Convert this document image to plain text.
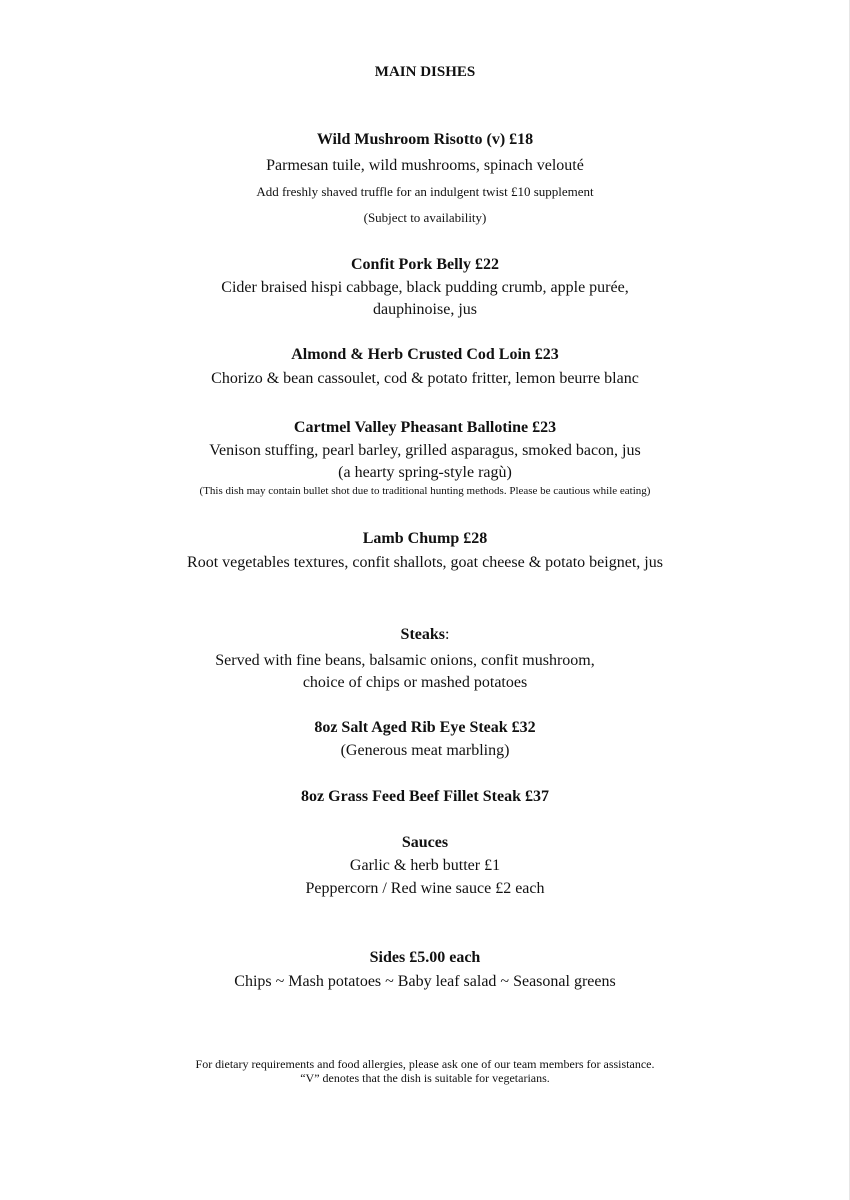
MAIN DISHES
Wild Mushroom Risotto (v) £18
Parmesan tuile, wild mushrooms, spinach velouté
Add freshly shaved truffle for an indulgent twist £10 supplement
(Subject to availability)
Confit Pork Belly £22
Cider braised hispi cabbage, black pudding crumb, apple purée,
dauphinoise, jus
Almond & Herb Crusted Cod Loin £23
Chorizo & bean cassoulet, cod & potato fritter, lemon beurre blanc
Cartmel Valley Pheasant Ballotine £23
Venison stuffing, pearl barley, grilled asparagus, smoked bacon, jus
(a hearty spring-style ragù)
(This dish may contain bullet shot due to traditional hunting methods. Please be cautious while eating)
Lamb Chump £28
Root vegetables textures, confit shallots, goat cheese & potato beignet, jus
Steaks:
Served with fine beans, balsamic onions, confit mushroom,
choice of chips or mashed potatoes
8oz Salt Aged Rib Eye Steak £32
(Generous meat marbling)
8oz Grass Feed Beef Fillet Steak £37
Sauces
Garlic & herb butter £1
Peppercorn / Red wine sauce £2 each
Sides £5.00 each
Chips ~ Mash potatoes ~ Baby leaf salad ~ Seasonal greens
For dietary requirements and food allergies, please ask one of our team members for assistance.
“V” denotes that the dish is suitable for vegetarians.
